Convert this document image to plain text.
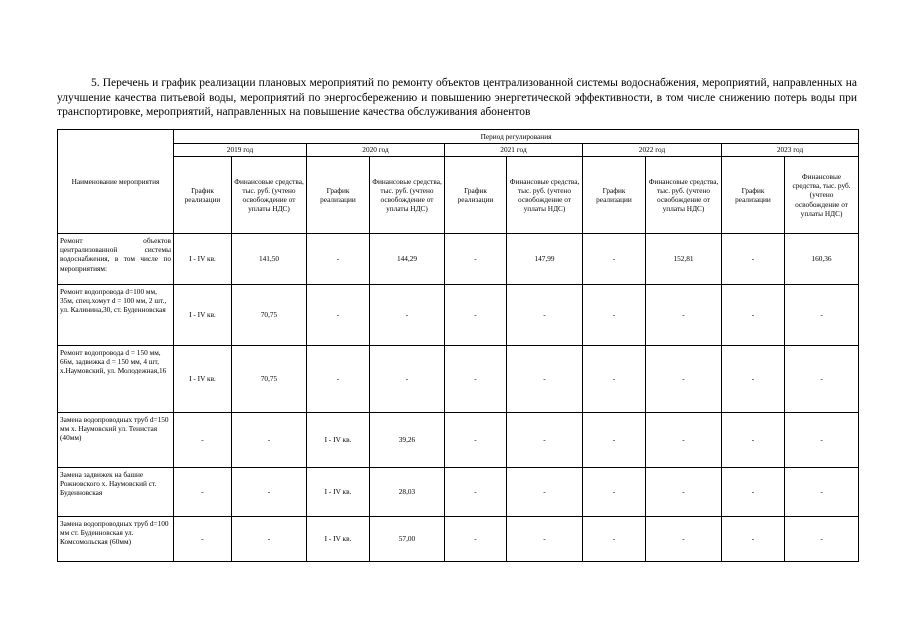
5. Перечень и график реализации плановых мероприятий по ремонту объектов централизованной системы водоснабжения, мероприятий, направленных на улучшение качества питьевой воды, мероприятий по энергосбережению и повышению энергетической эффективности, в том числе снижению потерь воды при транспортировке, мероприятий, направленных на повышение качества обслуживания абонентов
Наименование мероприятия	Период регулирования									
	2019 год		2020 год		2021 год		2022 год		2023 год	
	График реализации	Финансовые средства, тыс. руб. (учтено освобождение от уплаты НДС)	График реализации	Финансовые средства, тыс. руб. (учтено освобождение от уплаты НДС)	График реализации	Финансовые средства, тыс. руб. (учтено освобождение от уплаты НДС)	График реализации	Финансовые средства, тыс. руб. (учтено освобождение от уплаты НДС)	График реализации	Финансовые средства, тыс. руб. (учтено освобождение от уплаты НДС)
Ремонт объектов централизованной системы водоснабжения, в том числе по мероприятиям:	I - IV кв.	141,50	-	144,29	-	147,99	-	152,81	-	160,36
Ремонт водопровода d=100 мм, 35м, спец.хомут d = 100 мм, 2 шт., ул. Калинина,30, ст. Буденновская	I - IV кв.	70,75	-	-	-	-	-	-	-	-
Ремонт водопровода d = 150 мм, 66м, задвижка d = 150 мм, 4 шт, х.Наумовский, ул. Молодежная,16	I - IV кв.	70,75	-	-	-	-	-	-	-	-
Замена водопроводных труб d=150 мм х. Наумовский ул. Тенистая (40мм)	-	-	I - IV кв.	39,26	-	-	-	-	-	-
Замена задвижек на башне Рожновского х. Наумовский ст. Буденновская	-	-	I - IV кв.	28,03	-	-	-	-	-	-
Замена водопроводных труб d=100 мм ст. Буденновская ул. Комсомольская (60мм)	-	-	I - IV кв.	57,00	-	-	-	-	-	-
